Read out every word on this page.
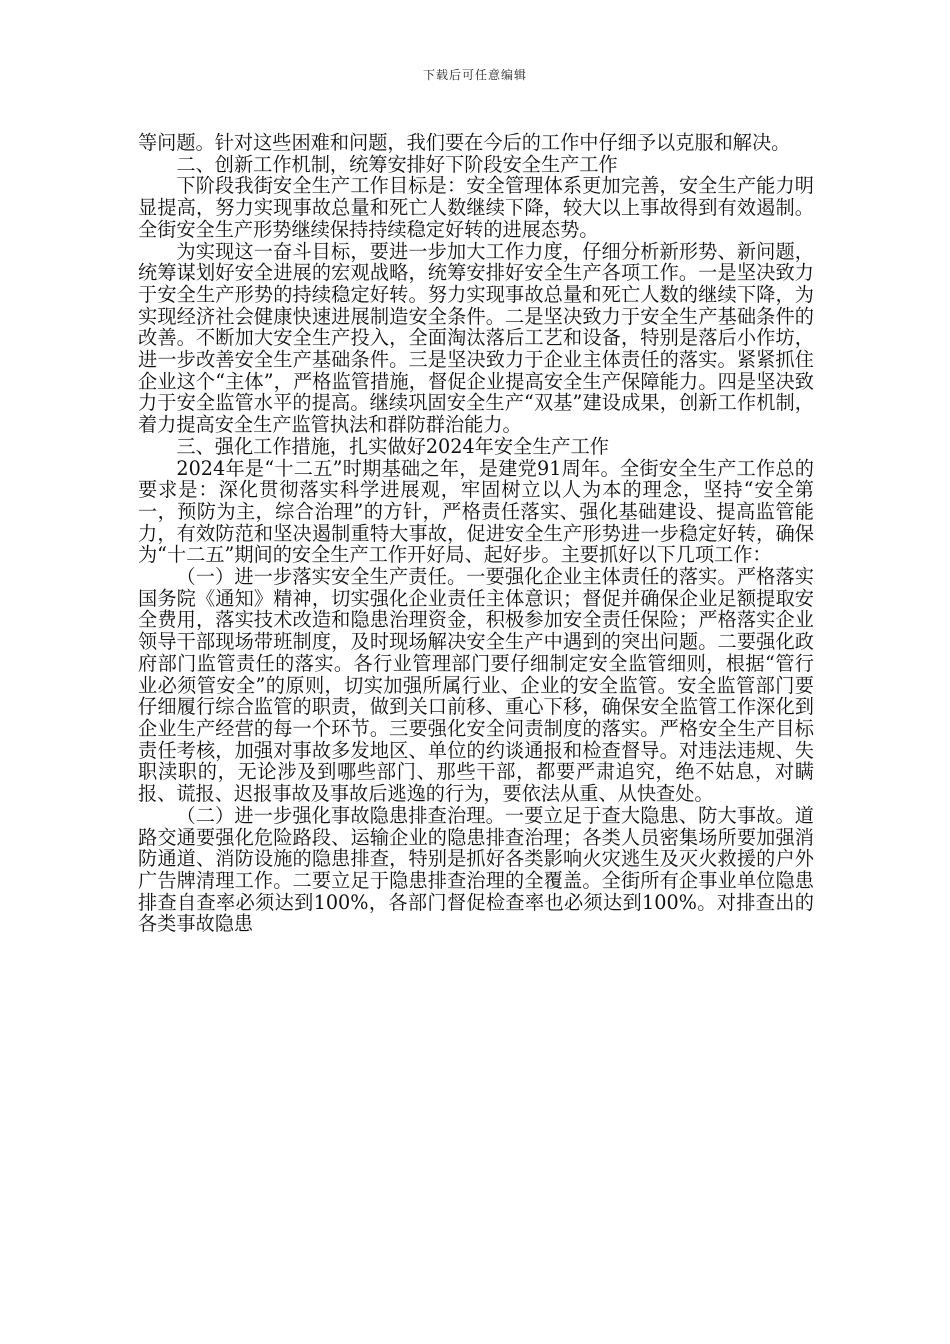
下载后可任意编辑

等问题。针对这些困难和问题，我们要在今后的工作中仔细予以克服和解决。

二、创新工作机制，统筹安排好下阶段安全生产工作

下阶段我街安全生产工作目标是：安全管理体系更加完善，安全生产能力明显提高，努力实现事故总量和死亡人数继续下降，较大以上事故得到有效遏制。全街安全生产形势继续保持持续稳定好转的进展态势。

为实现这一奋斗目标，要进一步加大工作力度，仔细分析新形势、新问题，统筹谋划好安全进展的宏观战略，统筹安排好安全生产各项工作。一是坚决致力于安全生产形势的持续稳定好转。努力实现事故总量和死亡人数的继续下降，为实现经济社会健康快速进展制造安全条件。二是坚决致力于安全生产基础条件的改善。不断加大安全生产投入，全面淘汰落后工艺和设备，特别是落后小作坊，进一步改善安全生产基础条件。三是坚决致力于企业主体责任的落实。紧紧抓住企业这个“主体”，严格监管措施，督促企业提高安全生产保障能力。四是坚决致力于安全监管水平的提高。继续巩固安全生产“双基”建设成果，创新工作机制，着力提高安全生产监管执法和群防群治能力。

三、强化工作措施，扎实做好2024年安全生产工作

2024年是“十二五”时期基础之年，是建党91周年。全街安全生产工作总的要求是：深化贯彻落实科学进展观，牢固树立以人为本的理念，坚持“安全第一，预防为主，综合治理”的方针，严格责任落实、强化基础建设、提高监管能力，有效防范和坚决遏制重特大事故，促进安全生产形势进一步稳定好转，确保为“十二五”期间的安全生产工作开好局、起好步。主要抓好以下几项工作：

（一）进一步落实安全生产责任。一要强化企业主体责任的落实。严格落实国务院《通知》精神，切实强化企业责任主体意识；督促并确保企业足额提取安全费用，落实技术改造和隐患治理资金，积极参加安全责任保险；严格落实企业领导干部现场带班制度，及时现场解决安全生产中遇到的突出问题。二要强化政府部门监管责任的落实。各行业管理部门要仔细制定安全监管细则，根据“管行业必须管安全”的原则，切实加强所属行业、企业的安全监管。安全监管部门要仔细履行综合监管的职责，做到关口前移、重心下移，确保安全监管工作深化到企业生产经营的每一个环节。三要强化安全问责制度的落实。严格安全生产目标责任考核，加强对事故多发地区、单位的约谈通报和检查督导。对违法违规、失职渎职的，无论涉及到哪些部门、那些干部，都要严肃追究，绝不姑息，对瞒报、谎报、迟报事故及事故后逃逸的行为，要依法从重、从快查处。

（二）进一步强化事故隐患排查治理。一要立足于查大隐患、防大事故。道路交通要强化危险路段、运输企业的隐患排查治理；各类人员密集场所要加强消防通道、消防设施的隐患排查，特别是抓好各类影响火灾逃生及灭火救援的户外广告牌清理工作。二要立足于隐患排查治理的全覆盖。全街所有企事业单位隐患排查自查率必须达到100%，各部门督促检查率也必须达到100%。对排查出的各类事故隐患
